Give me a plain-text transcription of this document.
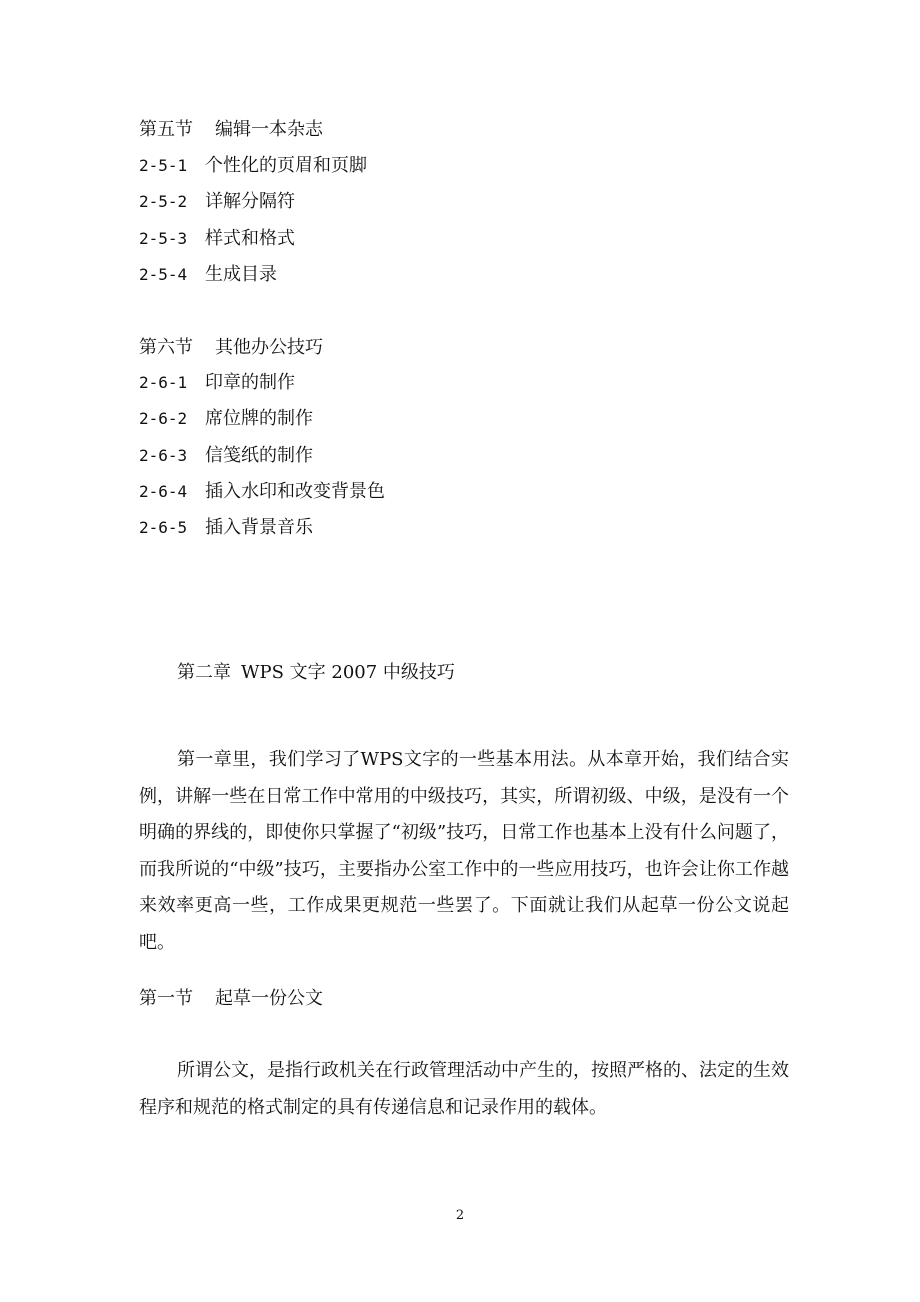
第五节 编辑一本杂志
2-5-1 个性化的页眉和页脚
2-5-2 详解分隔符
2-5-3 样式和格式
2-5-4 生成目录
第六节 其他办公技巧
2-6-1 印章的制作
2-6-2 席位牌的制作
2-6-3 信笺纸的制作
2-6-4 插入水印和改变背景色
2-6-5 插入背景音乐
第二章 WPS 文字 2007 中级技巧

第一章里，我们学习了WPS文字的一些基本用法。从本章开始，我们结合实例，讲解一些在日常工作中常用的中级技巧，其实，所谓初级、中级，是没有一个明确的界线的，即使你只掌握了“初级”技巧，日常工作也基本上没有什么问题了，而我所说的“中级”技巧，主要指办公室工作中的一些应用技巧，也许会让你工作越来效率更高一些，工作成果更规范一些罢了。下面就让我们从起草一份公文说起吧。

第一节 起草一份公文

所谓公文，是指行政机关在行政管理活动中产生的，按照严格的、法定的生效程序和规范的格式制定的具有传递信息和记录作用的载体。

2
